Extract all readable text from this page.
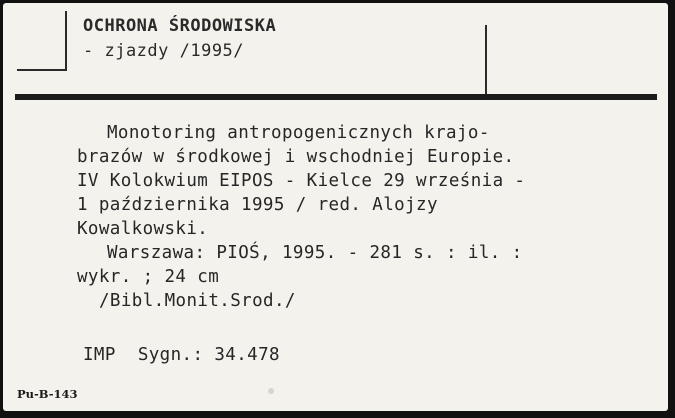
OCHRONA ŚRODOWISKA
- zjazdy /1995/
Monotoring antropogenicznych krajo-
brazów w środkowej i wschodniej Europie.
IV Kolokwium EIPOS - Kielce 29 września -
1 października 1995 / red. Alojzy
Kowalkowski.
Warszawa: PIOŚ, 1995. - 281 s. : il. :
wykr. ; 24 cm
/Bibl.Monit.Srod./
IMP Sygn.: 34.478
Pu-B-143
